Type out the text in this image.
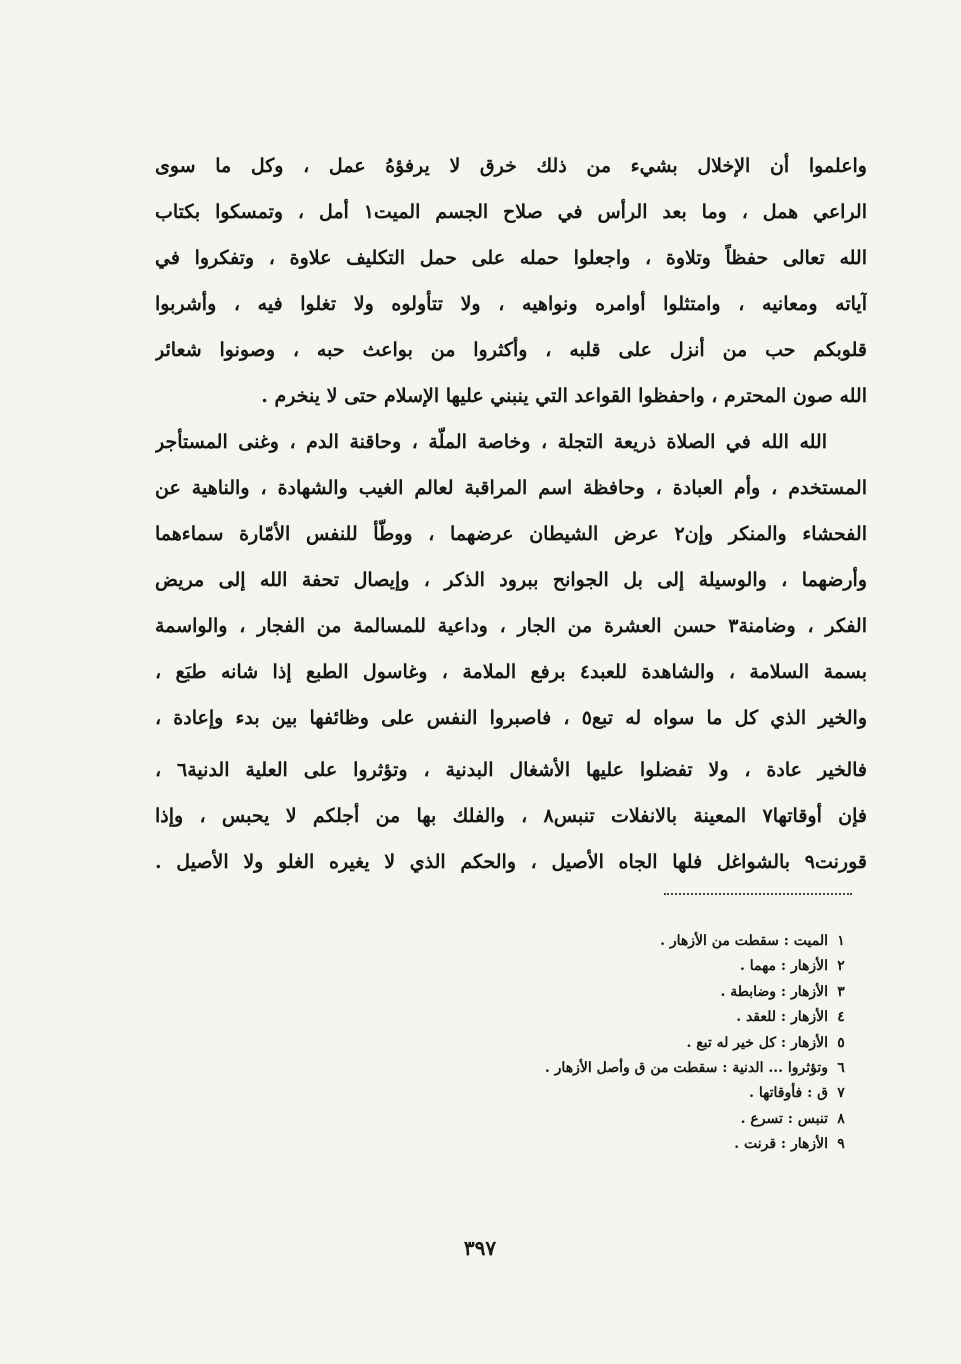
واعلموا أن الإخلال بشيء من ذلك خرق لا يرفؤهُ عمل ، وكل ما سوى
الراعي همل ، وما بعد الرأس في صلاح الجسم الميت١ أمل ، وتمسكوا بكتاب
الله تعالى حفظاً وتلاوة ، واجعلوا حمله على حمل التكليف علاوة ، وتفكروا في
آياته ومعانيه ، وامتثلوا أوامره ونواهيه ، ولا تتأولوه ولا تغلوا فيه ، وأشربوا
قلوبكم حب من أنزل على قلبه ، وأكثروا من بواعث حبه ، وصونوا شعائر
الله صون المحترم ، واحفظوا القواعد التي ينبني عليها الإسلام حتى لا ينخرم .
الله الله في الصلاة ذريعة التجلة ، وخاصة الملّة ، وحاقنة الدم ، وغنى المستأجر
المستخدم ، وأم العبادة ، وحافظة اسم المراقبة لعالم الغيب والشهادة ، والناهية عن
الفحشاء والمنكر وإن٢ عرض الشيطان عرضهما ، ووطّأ للنفس الأمّارة سماءهما
وأرضهما ، والوسيلة إلى بل الجوانح ببرود الذكر ، وإيصال تحفة الله إلى مريض
الفكر ، وضامنة٣ حسن العشرة من الجار ، وداعية للمسالمة من الفجار ، والواسمة
بسمة السلامة ، والشاهدة للعبد٤ برفع الملامة ، وغاسول الطبع إذا شانه طبَع ،
والخير الذي كل ما سواه له تبع٥ ، فاصبروا النفس على وظائفها بين بدء وإعادة ،
فالخير عادة ، ولا تفضلوا عليها الأشغال البدنية ، وتؤثروا على العلية الدنية٦ ،
فإن أوقاتها٧ المعينة بالانفلات تنبس٨ ، والفلك بها من أجلكم لا يحبس ، وإذا
قورنت٩ بالشواغل فلها الجاه الأصيل ، والحكم الذي لا يغيره الغلو ولا الأصيل .
١الميت : سقطت من الأزهار .
٢الأزهار : مهما .
٣الأزهار : وضابطة .
٤الأزهار : للعقد .
٥الأزهار : كل خير له تبع .
٦وتؤثروا ... الدنية : سقطت من ق وأصل الأزهار .
٧ق : فأوقاتها .
٨تنبس : تسرع .
٩الأزهار : قرنت .
٣٩٧
